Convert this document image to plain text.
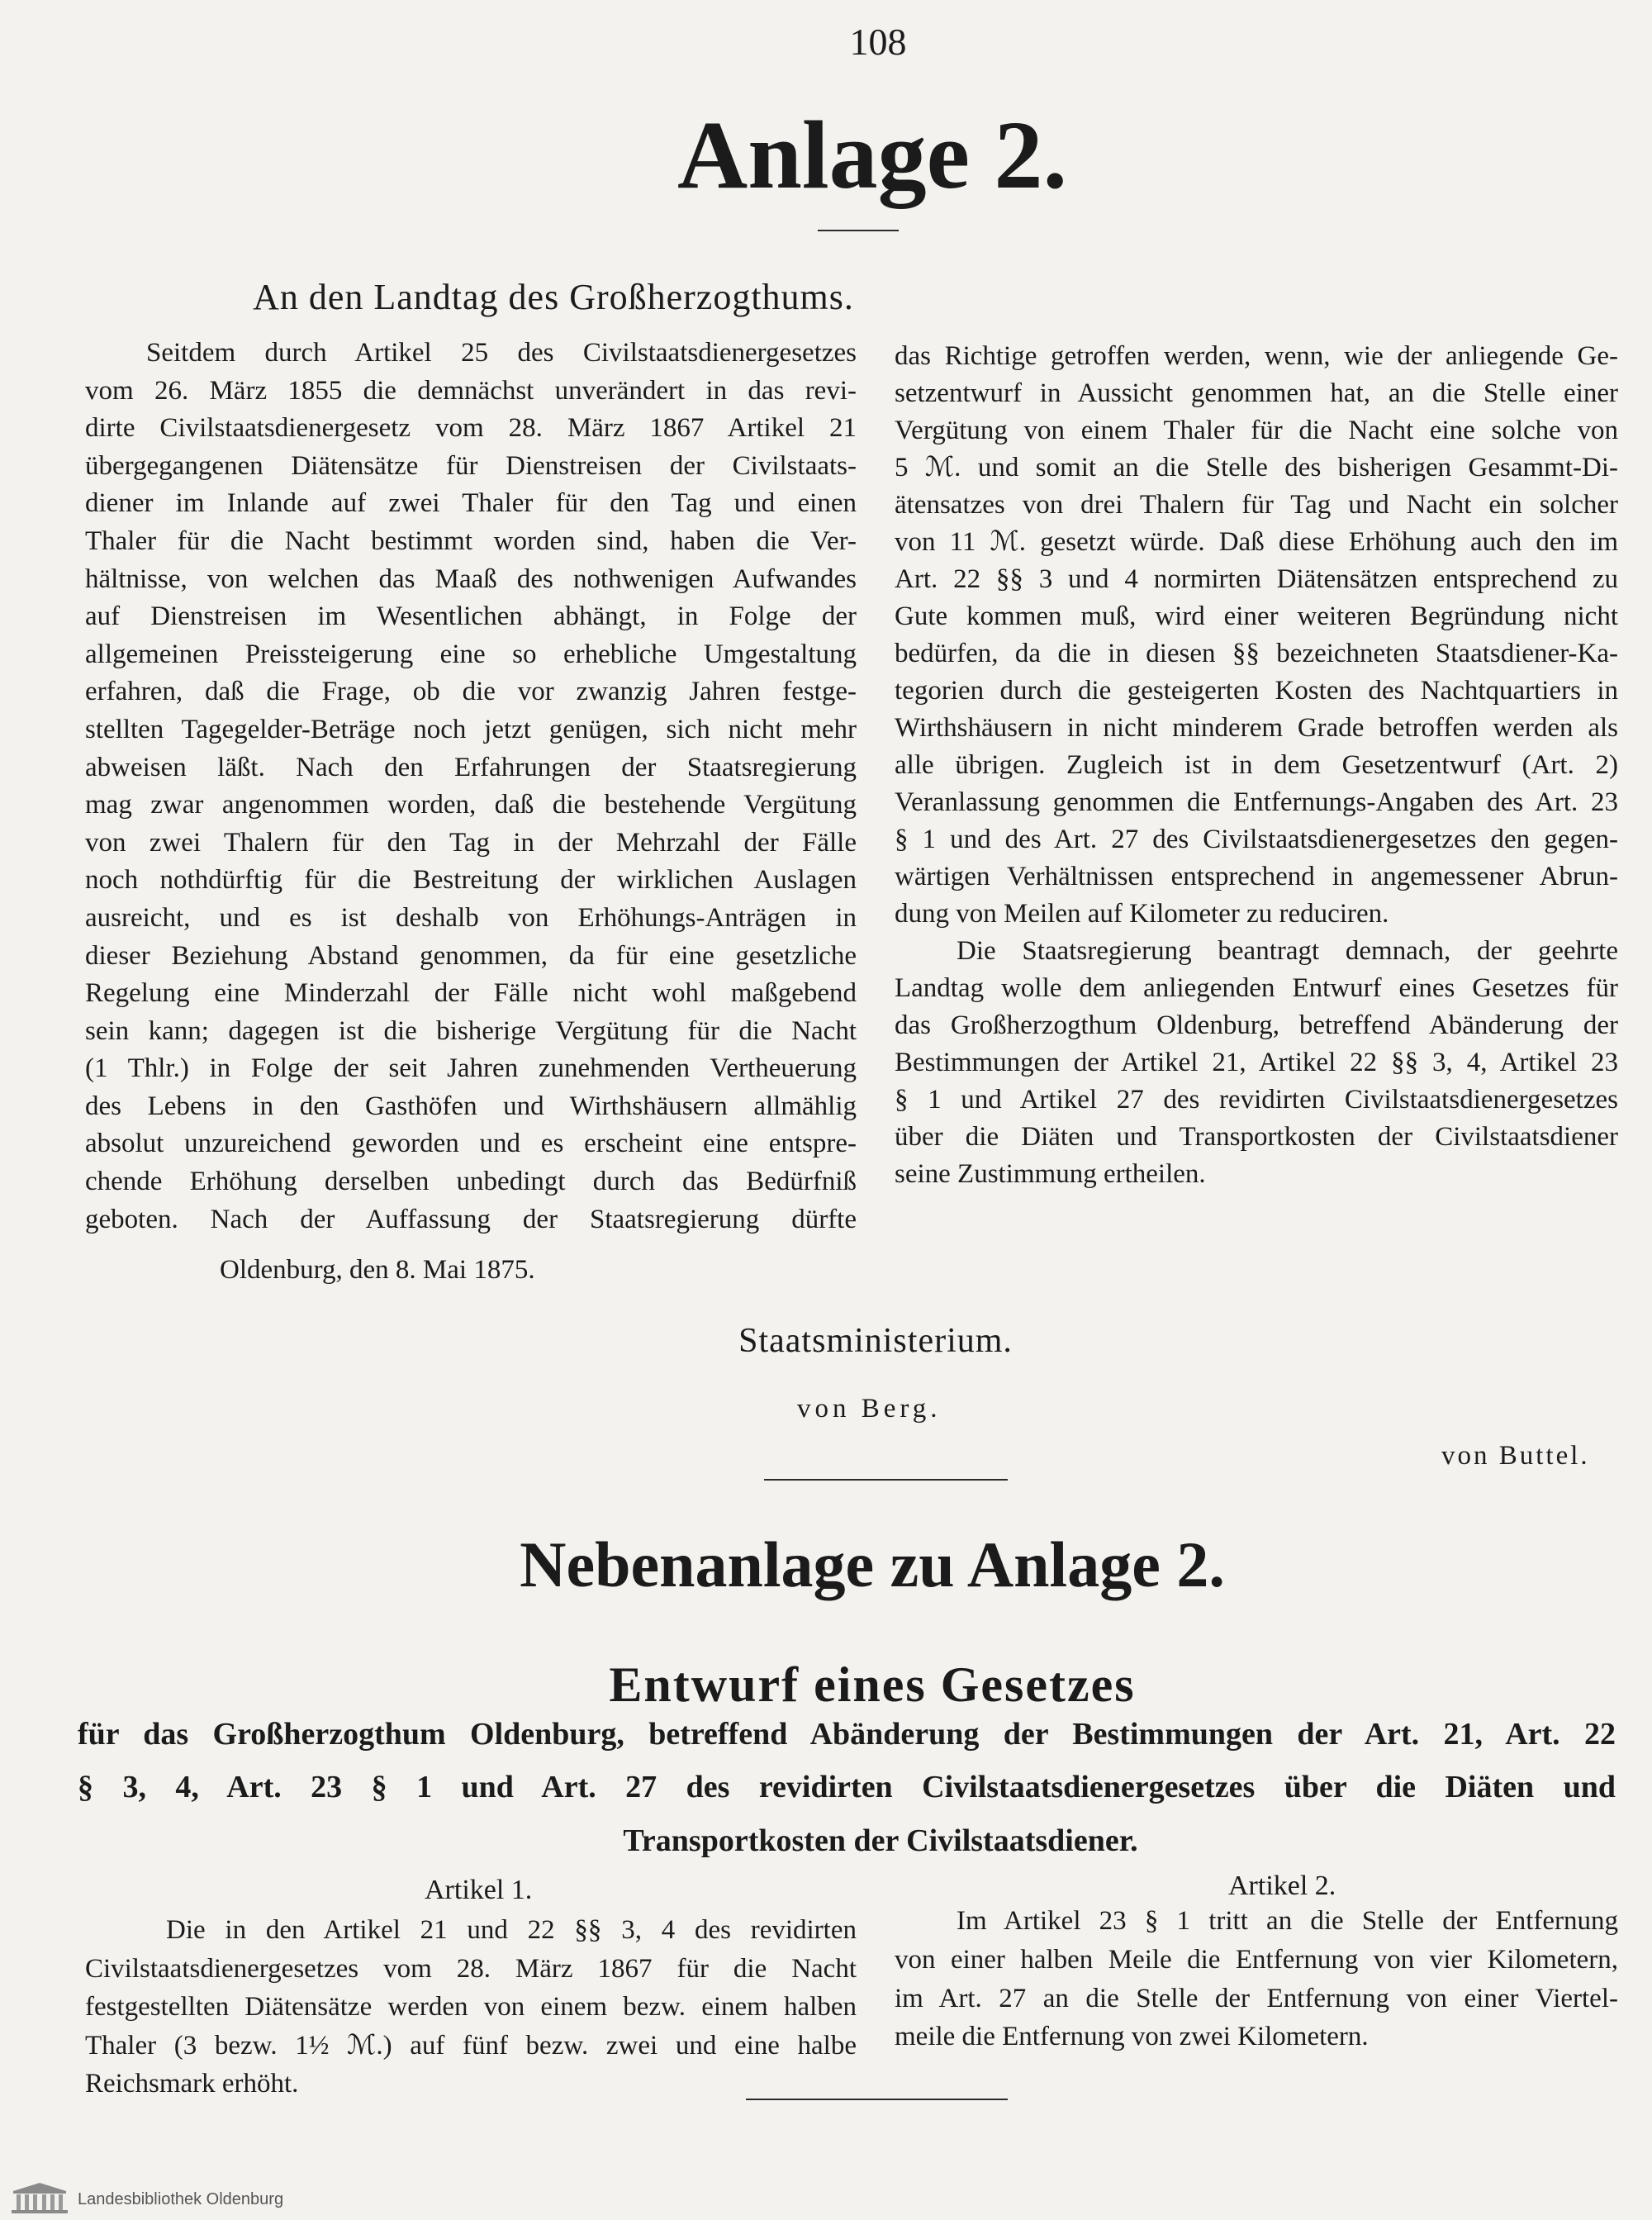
108
Anlage 2.
An den Landtag des Großherzogthums.
Seitdem durch Artikel 25 des Civilstaatsdienergesetzes
vom 26. März 1855 die demnächst unverändert in das revi-
dirte Civilstaatsdienergesetz vom 28. März 1867 Artikel 21
übergegangenen Diätensätze für Dienstreisen der Civilstaats-
diener im Inlande auf zwei Thaler für den Tag und einen
Thaler für die Nacht bestimmt worden sind, haben die Ver-
hältnisse, von welchen das Maaß des nothwenigen Aufwandes
auf Dienstreisen im Wesentlichen abhängt, in Folge der
allgemeinen Preissteigerung eine so erhebliche Umgestaltung
erfahren, daß die Frage, ob die vor zwanzig Jahren festge-
stellten Tagegelder-Beträge noch jetzt genügen, sich nicht mehr
abweisen läßt. Nach den Erfahrungen der Staatsregierung
mag zwar angenommen worden, daß die bestehende Vergütung
von zwei Thalern für den Tag in der Mehrzahl der Fälle
noch nothdürftig für die Bestreitung der wirklichen Auslagen
ausreicht, und es ist deshalb von Erhöhungs-Anträgen in
dieser Beziehung Abstand genommen, da für eine gesetzliche
Regelung eine Minderzahl der Fälle nicht wohl maßgebend
sein kann; dagegen ist die bisherige Vergütung für die Nacht
(1 Thlr.) in Folge der seit Jahren zunehmenden Vertheuerung
des Lebens in den Gasthöfen und Wirthshäusern allmählig
absolut unzureichend geworden und es erscheint eine entspre-
chende Erhöhung derselben unbedingt durch das Bedürfniß
geboten. Nach der Auffassung der Staatsregierung dürfte
das Richtige getroffen werden, wenn, wie der anliegende Ge-
setzentwurf in Aussicht genommen hat, an die Stelle einer
Vergütung von einem Thaler für die Nacht eine solche von
5 ℳ. und somit an die Stelle des bisherigen Gesammt-Di-
ätensatzes von drei Thalern für Tag und Nacht ein solcher
von 11 ℳ. gesetzt würde. Daß diese Erhöhung auch den im
Art. 22 §§ 3 und 4 normirten Diätensätzen entsprechend zu
Gute kommen muß, wird einer weiteren Begründung nicht
bedürfen, da die in diesen §§ bezeichneten Staatsdiener-Ka-
tegorien durch die gesteigerten Kosten des Nachtquartiers in
Wirthshäusern in nicht minderem Grade betroffen werden als
alle übrigen. Zugleich ist in dem Gesetzentwurf (Art. 2)
Veranlassung genommen die Entfernungs-Angaben des Art. 23
§ 1 und des Art. 27 des Civilstaatsdienergesetzes den gegen-
wärtigen Verhältnissen entsprechend in angemessener Abrun-
dung von Meilen auf Kilometer zu reduciren.
Die Staatsregierung beantragt demnach, der geehrte
Landtag wolle dem anliegenden Entwurf eines Gesetzes für
das Großherzogthum Oldenburg, betreffend Abänderung der
Bestimmungen der Artikel 21, Artikel 22 §§ 3, 4, Artikel 23
§ 1 und Artikel 27 des revidirten Civilstaatsdienergesetzes
über die Diäten und Transportkosten der Civilstaatsdiener
seine Zustimmung ertheilen.
Oldenburg, den 8. Mai 1875.
Staatsministerium.
von Berg.
von Buttel.
Nebenanlage zu Anlage 2.
Entwurf eines Gesetzes
für das Großherzogthum Oldenburg, betreffend Abänderung der Bestimmungen der Art. 21, Art. 22
§ 3, 4, Art. 23 § 1 und Art. 27 des revidirten Civilstaatsdienergesetzes über die Diäten und
Transportkosten der Civilstaatsdiener.
Artikel 1.
Die in den Artikel 21 und 22 §§ 3, 4 des revidirten
Civilstaatsdienergesetzes vom 28. März 1867 für die Nacht
festgestellten Diätensätze werden von einem bezw. einem halben
Thaler (3 bezw. 1½ ℳ.) auf fünf bezw. zwei und eine halbe
Reichsmark erhöht.
Artikel 2.
Im Artikel 23 § 1 tritt an die Stelle der Entfernung
von einer halben Meile die Entfernung von vier Kilometern,
im Art. 27 an die Stelle der Entfernung von einer Viertel-
meile die Entfernung von zwei Kilometern.
Landesbibliothek Oldenburg
